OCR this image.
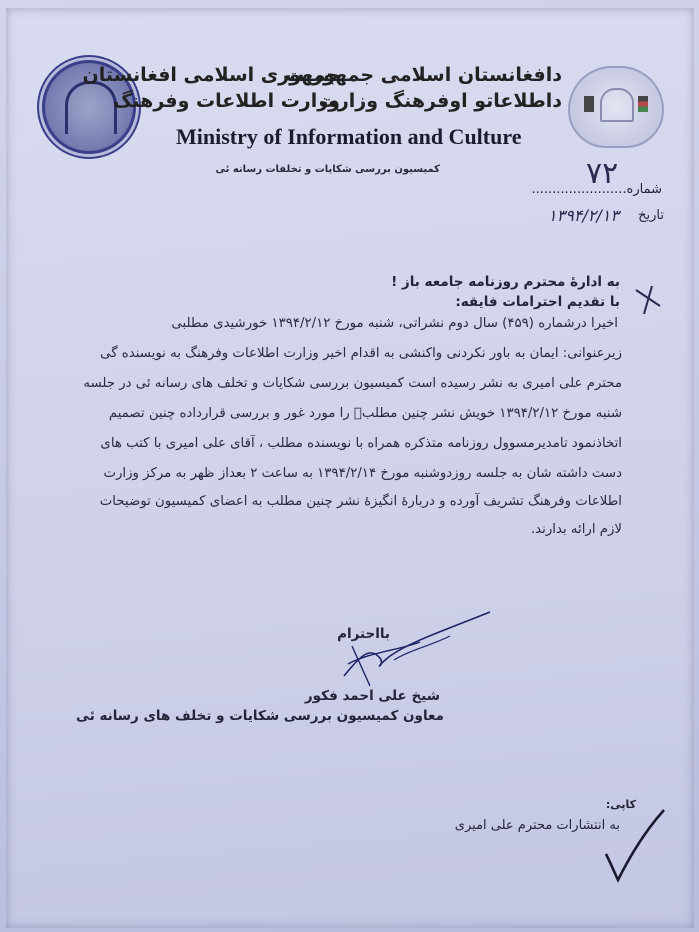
جمهوری اسلامی افغانستان
وزارت اطلاعات وفرهنگ
دافغانستان اسلامی جمهوریت
داطلاعاتو اوفرهنگ وزارت
Ministry of Information and Culture
کمیسیون بررسی شکایات و تخلفات رسانه ئی
شماره.......................
۷۲
تاریخ
۱۳۹۴/۲/۱۳
به ادارۀ محترم روزنامه جامعه باز !
با تقدیم احترامات فایقه:
اخیرا درشماره (۴۵۹) سال دوم نشراتی، شنبه مورخ ۱۳۹۴/۲/۱۲ خورشیدی مطلبی
زیرعنوانی: ایمان به باور نکردنی واکنشی به اقدام اخیر وزارت اطلاعات وفرهنگ به نویسنده گی
محترم علی امیری به نشر رسیده است کمیسیون بررسی شکایات و تخلف های رسانه ئی در جلسه
شنبه مورخ ۱۳۹۴/۲/۱۲ خویش نشر چنین مطلبؒ را مورد غور و بررسی قرارداده چنین تصمیم
اتخاذنمود تامدیرمسوول روزنامه متذکره همراه با نویسنده مطلب ، آقای علی امیری با کتب های
دست داشته شان به جلسه روزدوشنبه مورخ ۱۳۹۴/۲/۱۴ به ساعت ۲ بعداز ظهر به مرکز وزارت
اطلاعات وفرهنگ تشریف آورده و دربارۀ انگیزۀ نشر چنین مطلب به اعضای کمیسیون توضیحات
لازم ارائه بدارند.
بااحترام
شیخ علی احمد فکور
معاون کمیسیون بررسی شکایات و تخلف های رسانه ئی
کاپی:
به انتشارات محترم علی امیری
